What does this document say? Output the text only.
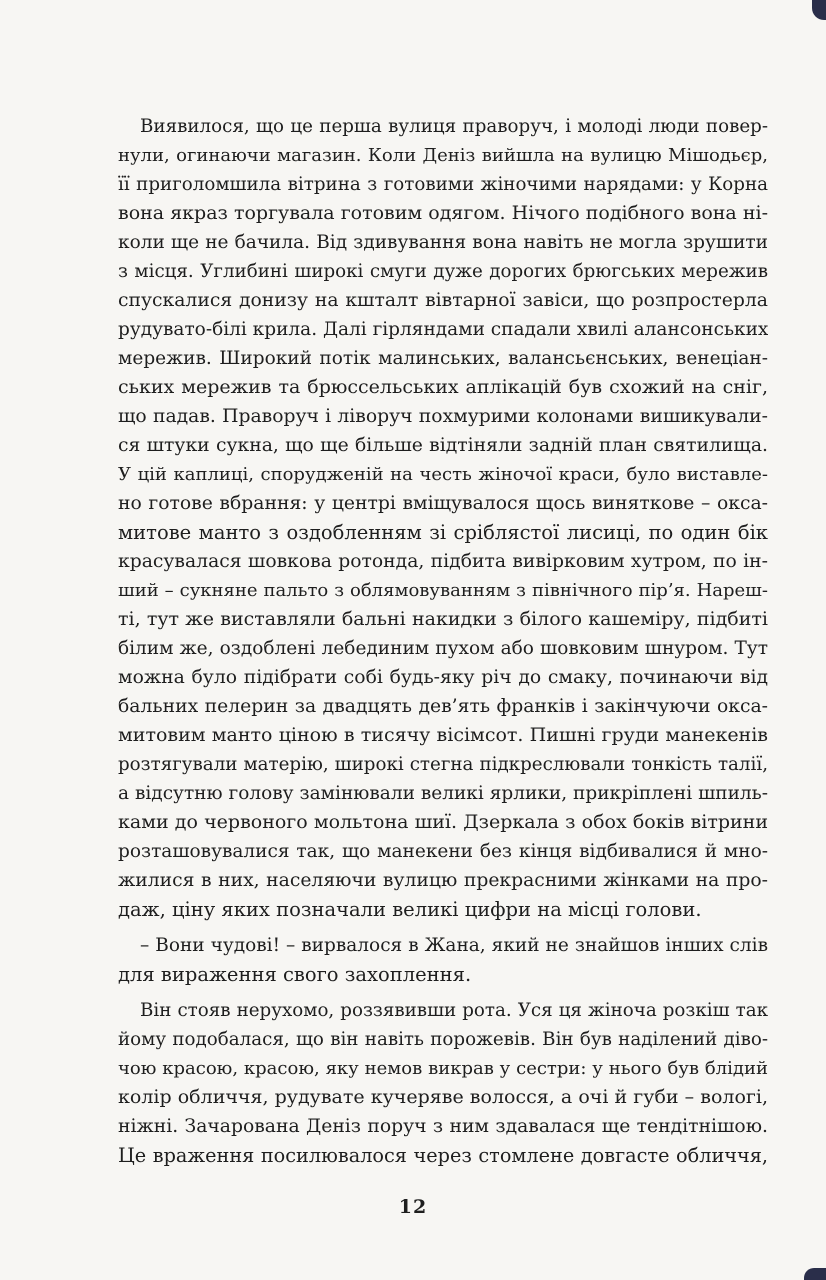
Виявилося, що це перша вулиця праворуч, і молоді люди повер-
нули, огинаючи магазин. Коли Деніз вийшла на вулицю Мішодьєр,
її приголомшила вітрина з готовими жіночими нарядами: у Корна
вона якраз торгувала готовим одягом. Нічого подібного вона ні-
коли ще не бачила. Від здивування вона навіть не могла зрушити
з місця. Углибині широкі смуги дуже дорогих брюгських мережив
спускалися донизу на кшталт вівтарної завіси, що розпростерла
рудувато-білі крила. Далі гірляндами спадали хвилі алансонських
мережив. Широкий потік малинських, валансьєнських, венеціан-
ських мережив та брюссельських аплікацій був схожий на сніг,
що падав. Праворуч і ліворуч похмурими колонами вишикували-
ся штуки сукна, що ще більше відтіняли задній план святилища.
У цій каплиці, спорудженій на честь жіночої краси, було виставле-
но готове вбрання: у центрі вміщувалося щось виняткове – окса-
митове манто з оздобленням зі сріблястої лисиці, по один бік
красувалася шовкова ротонда, підбита вивірковим хутром, по ін-
ший – сукняне пальто з облямовуванням з північного пір’я. Нареш-
ті, тут же виставляли бальні накидки з білого кашеміру, підбиті
білим же, оздоблені лебединим пухом або шовковим шнуром. Тут
можна було підібрати собі будь-яку річ до смаку, починаючи від
бальних пелерин за двадцять дев’ять франків і закінчуючи окса-
митовим манто ціною в тисячу вісімсот. Пишні груди манекенів
розтягували матерію, широкі стегна підкреслювали тонкість талії,
а відсутню голову замінювали великі ярлики, прикріплені шпиль-
ками до червоного мольтона шиї. Дзеркала з обох боків вітрини
розташовувалися так, що манекени без кінця відбивалися й мно-
жилися в них, населяючи вулицю прекрасними жінками на про-
даж, ціну яких позначали великі цифри на місці голови.
– Вони чудові! – вирвалося в Жана, який не знайшов інших слів
для вираження свого захоплення.
Він стояв нерухомо, роззявивши рота. Уся ця жіноча розкіш так
йому подобалася, що він навіть порожевів. Він був наділений діво-
чою красою, красою, яку немов викрав у сестри: у нього був блідий
колір обличчя, рудувате кучеряве волосся, а очі й губи – вологі,
ніжні. Зачарована Деніз поруч з ним здавалася ще тендітнішою.
Це враження посилювалося через стомлене довгасте обличчя,
12
